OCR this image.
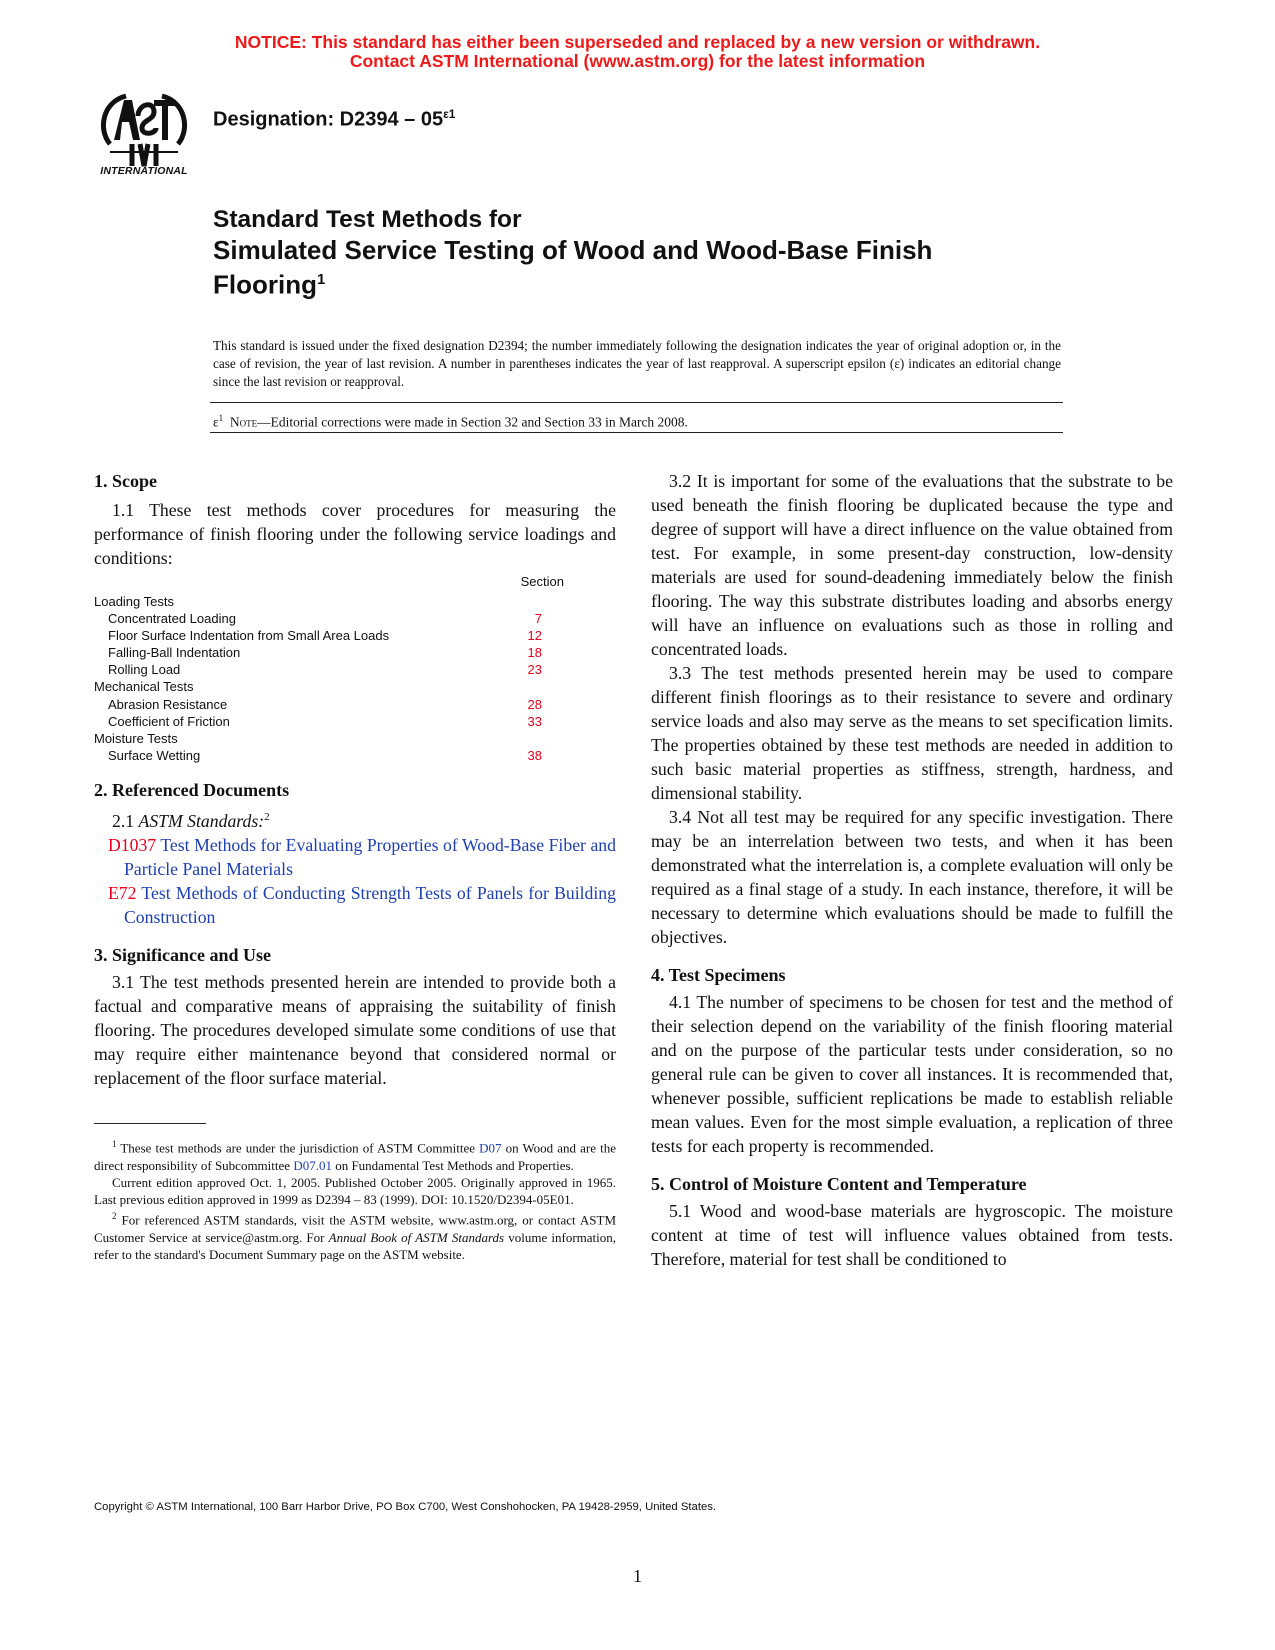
NOTICE: This standard has either been superseded and replaced by a new version or withdrawn.
Contact ASTM International (www.astm.org) for the latest information
INTERNATIONAL
Designation: $D2394 - 05^{\varepsilon 1}$
Standard Test Methods for
Simulated Service Testing of Wood and Wood-Base Finish
Flooring$^1$
This standard is issued under the fixed designation D2394; the number immediately following the designation indicates the year of original adoption or, in the case of revision, the year of last revision. A number in parentheses indicates the year of last reapproval. A superscript epsilon (ε) indicates an editorial change since the last revision or reapproval.
$\varepsilon^1$ Note—Editorial corrections were made in Section 32 and Section 33 in March 2008.

1. Scope

1.1 These test methods cover procedures for measuring the performance of finish flooring under the following service loadings and conditions:

Section
Loading Tests
Concentrated Loading	7
Floor Surface Indentation from Small Area Loads	12
Falling-Ball Indentation	18
Rolling Load	23
Mechanical Tests
Abrasion Resistance	28
Coefficient of Friction	33
Moisture Tests
Surface Wetting	38

2. Referenced Documents

2.1 ASTM Standards:$^2$

D1037 Test Methods for Evaluating Properties of Wood-Base Fiber and Particle Panel Materials

E72 Test Methods of Conducting Strength Tests of Panels for Building Construction

3. Significance and Use

3.1 The test methods presented herein are intended to provide both a factual and comparative means of appraising the suitability of finish flooring. The procedures developed simulate some conditions of use that may require either maintenance beyond that considered normal or replacement of the floor surface material.

$^1$ These test methods are under the jurisdiction of ASTM Committee D07 on Wood and are the direct responsibility of Subcommittee D07.01 on Fundamental Test Methods and Properties.

Current edition approved Oct. 1, 2005. Published October 2005. Originally approved in 1965. Last previous edition approved in 1999 as D2394 – 83 (1999). DOI: 10.1520/D2394-05E01.

$^2$ For referenced ASTM standards, visit the ASTM website, www.astm.org, or contact ASTM Customer Service at service@astm.org. For Annual Book of ASTM Standards volume information, refer to the standard's Document Summary page on the ASTM website.

3.2 It is important for some of the evaluations that the substrate to be used beneath the finish flooring be duplicated because the type and degree of support will have a direct influence on the value obtained from test. For example, in some present-day construction, low-density materials are used for sound-deadening immediately below the finish flooring. The way this substrate distributes loading and absorbs energy will have an influence on evaluations such as those in rolling and concentrated loads.

3.3 The test methods presented herein may be used to compare different finish floorings as to their resistance to severe and ordinary service loads and also may serve as the means to set specification limits. The properties obtained by these test methods are needed in addition to such basic material properties as stiffness, strength, hardness, and dimensional stability.

3.4 Not all test may be required for any specific investigation. There may be an interrelation between two tests, and when it has been demonstrated what the interrelation is, a complete evaluation will only be required as a final stage of a study. In each instance, therefore, it will be necessary to determine which evaluations should be made to fulfill the objectives.

4. Test Specimens

4.1 The number of specimens to be chosen for test and the method of their selection depend on the variability of the finish flooring material and on the purpose of the particular tests under consideration, so no general rule can be given to cover all instances. It is recommended that, whenever possible, sufficient replications be made to establish reliable mean values. Even for the most simple evaluation, a replication of three tests for each property is recommended.

5. Control of Moisture Content and Temperature

5.1 Wood and wood-base materials are hygroscopic. The moisture content at time of test will influence values obtained from tests. Therefore, material for test shall be conditioned to

Copyright © ASTM International, 100 Barr Harbor Drive, PO Box C700, West Conshohocken, PA 19428-2959, United States.
1
